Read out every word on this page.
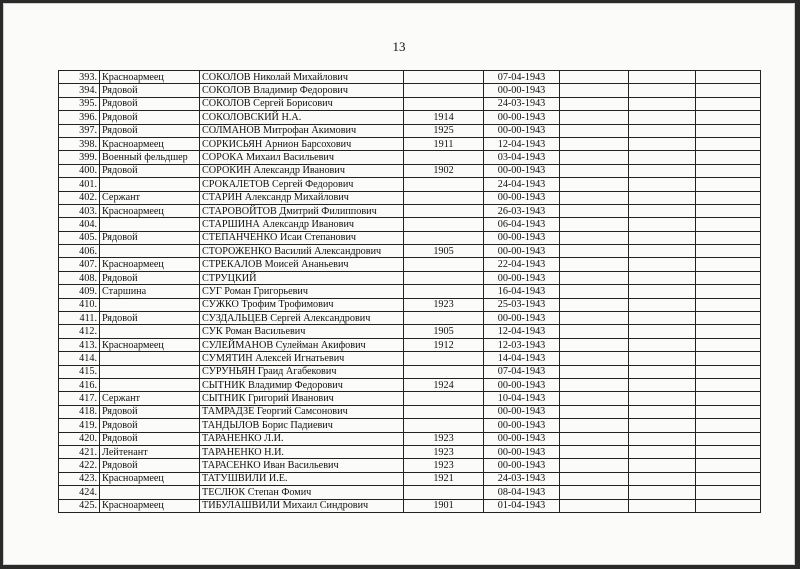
13
393.	Красноармеец	СОКОЛОВ Николай Михайлович		07-04-1943			
394.	Рядовой	СОКОЛОВ Владимир Федорович		00-00-1943			
395.	Рядовой	СОКОЛОВ Сергей Борисович		24-03-1943			
396.	Рядовой	СОКОЛОВСКИЙ Н.А.	1914	00-00-1943			
397.	Рядовой	СОЛМАНОВ Митрофан Акимович	1925	00-00-1943			
398.	Красноармеец	СОРКИСЬЯН Арнион Барсохович	1911	12-04-1943			
399.	Военный фельдшер	СОРОКА Михаил Васильевич		03-04-1943			
400.	Рядовой	СОРОКИН Александр Иванович	1902	00-00-1943			
401.		СРОКАЛЕТОВ Сергей Федорович		24-04-1943			
402.	Сержант	СТАРИН Александр Михайлович		00-00-1943			
403.	Красноармеец	СТАРОВОЙТОВ Дмитрий Филиппович		26-03-1943			
404.		СТАРШИНА Александр Иванович		06-04-1943			
405.	Рядовой	СТЕПАНЧЕНКО Исаи Степанович		00-00-1943			
406.		СТОРОЖЕНКО Василий Александрович	1905	00-00-1943			
407.	Красноармеец	СТРЕКАЛОВ Моисей Ананьевич		22-04-1943			
408.	Рядовой	СТРУЦКИЙ		00-00-1943			
409.	Старшина	СУГ Роман Григорьевич		16-04-1943			
410.		СУЖКО Трофим Трофимович	1923	25-03-1943			
411.	Рядовой	СУЗДАЛЬЦЕВ Сергей Александрович		00-00-1943			
412.		СУК Роман Васильевич	1905	12-04-1943			
413.	Красноармеец	СУЛЕЙМАНОВ Сулейман Акифович	1912	12-03-1943			
414.		СУМЯТИН Алексей Игнатьевич		14-04-1943			
415.		СУРУНЬЯН Граид Агабекович		07-04-1943			
416.		СЫТНИК Владимир Федорович	1924	00-00-1943			
417.	Сержант	СЫТНИК Григорий Иванович		10-04-1943			
418.	Рядовой	ТАМРАДЗЕ Георгий Самсонович		00-00-1943			
419.	Рядовой	ТАНДЫЛОВ Борис Падиевич		00-00-1943			
420.	Рядовой	ТАРАНЕНКО Л.И.	1923	00-00-1943			
421.	Лейтенант	ТАРАНЕНКО Н.И.	1923	00-00-1943			
422.	Рядовой	ТАРАСЕНКО Иван Васильевич	1923	00-00-1943			
423.	Красноармеец	ТАТУШВИЛИ И.Е.	1921	24-03-1943			
424.		ТЕСЛЮК Степан Фомич		08-04-1943			
425.	Красноармеец	ТИБУЛАШВИЛИ Михаил Синдрович	1901	01-04-1943			
